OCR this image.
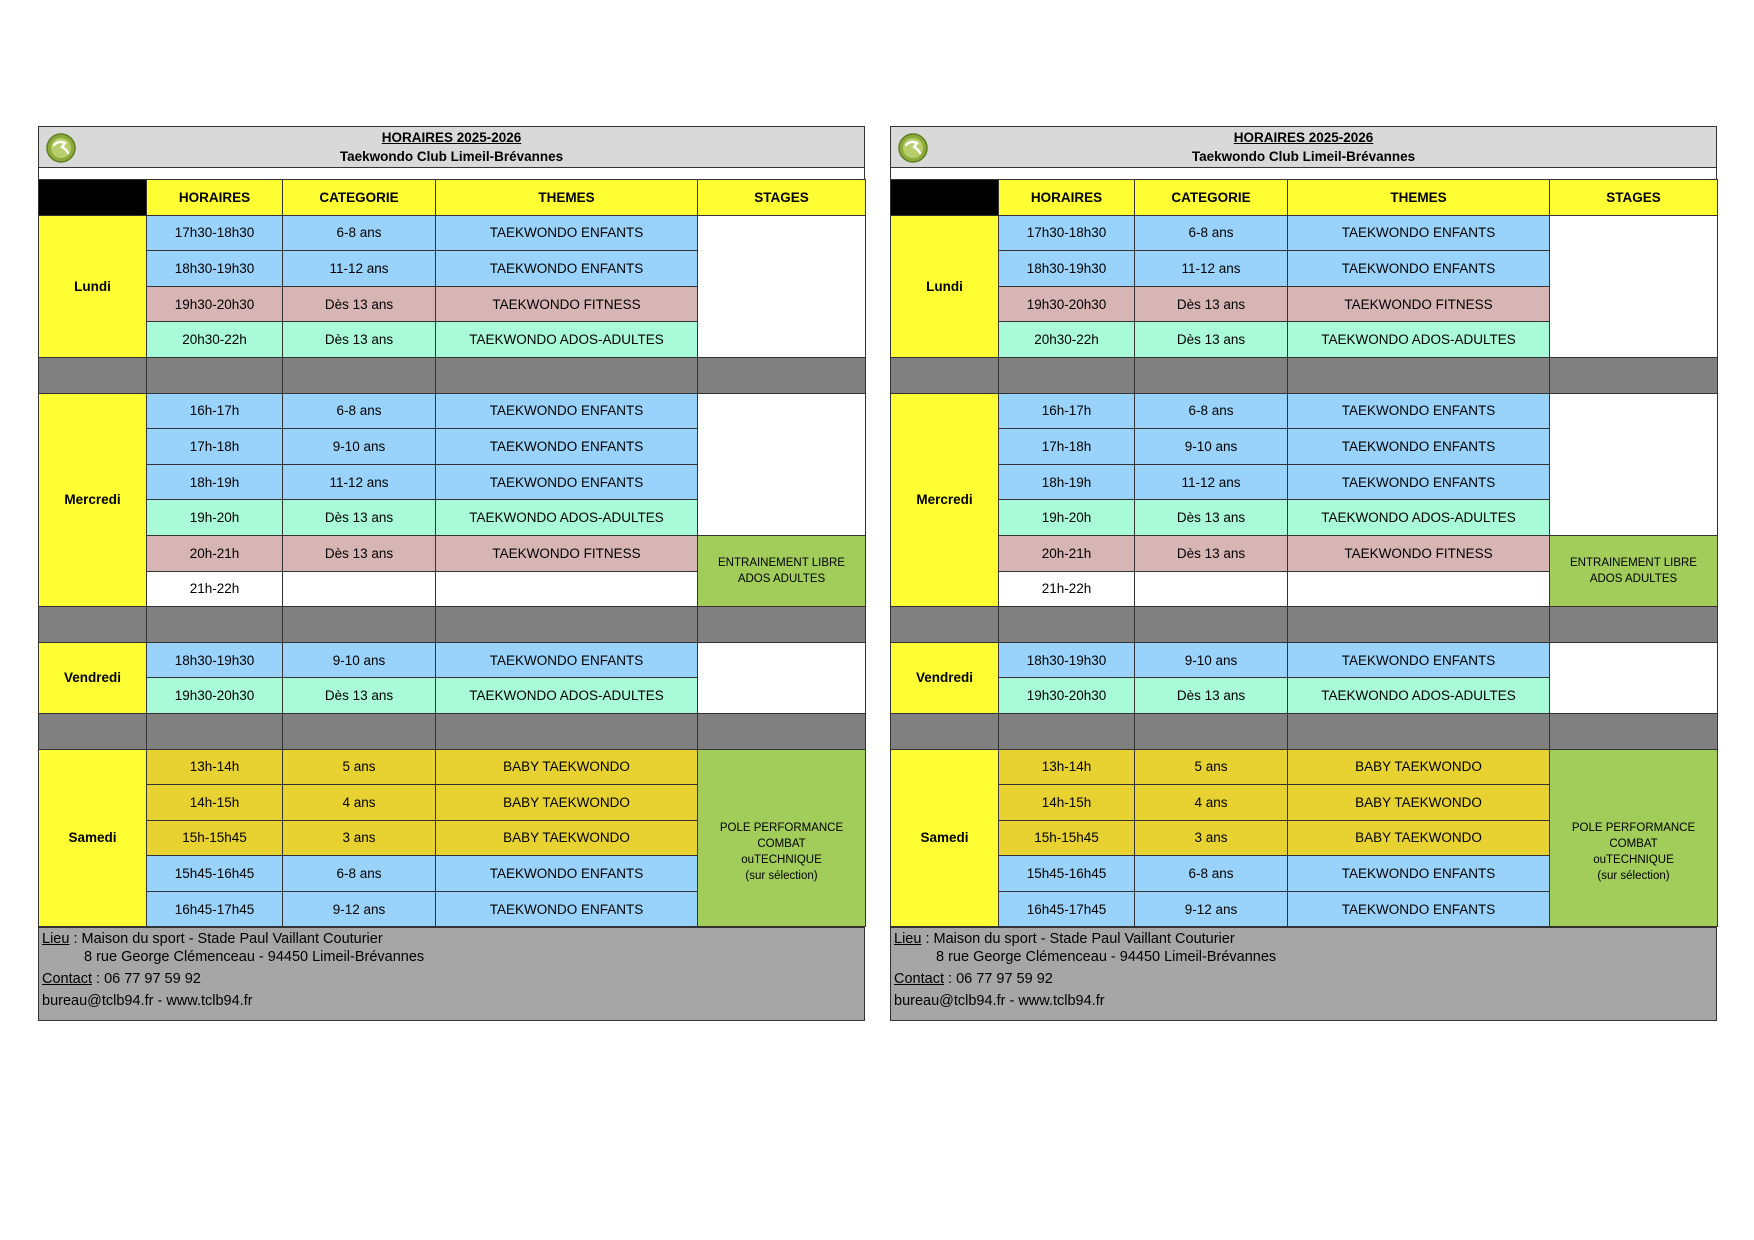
HORAIRES 2025-2026
Taekwondo Club Limeil-Brévannes
	HORAIRES	CATEGORIE	THEMES	STAGES
Lundi	17h30-18h30	6-8 ans	TAEKWONDO ENFANTS	
	18h30-19h30	11-12 ans	TAEKWONDO ENFANTS	
	19h30-20h30	Dès 13 ans	TAEKWONDO FITNESS	
	20h30-22h	Dès 13 ans	TAEKWONDO ADOS-ADULTES	

Mercredi	16h-17h	6-8 ans	TAEKWONDO ENFANTS	
	17h-18h	9-10 ans	TAEKWONDO ENFANTS	
	18h-19h	11-12 ans	TAEKWONDO ENFANTS	
	19h-20h	Dès 13 ans	TAEKWONDO ADOS-ADULTES	
	20h-21h	Dès 13 ans	TAEKWONDO FITNESS	ENTRAINEMENT LIBRE
ADOS ADULTES

	21h-22h			

Vendredi	18h30-19h30	9-10 ans	TAEKWONDO ENFANTS	
	19h30-20h30	Dès 13 ans	TAEKWONDO ADOS-ADULTES	

Samedi	13h-14h	5 ans	BABY TAEKWONDO	POLE PERFORMANCE COMBAT
ouTECHNIQUE
(sur sélection)

	14h-15h	4 ans	BABY TAEKWONDO	
	15h-15h45	3 ans	BABY TAEKWONDO	
	15h45-16h45	6-8 ans	TAEKWONDO ENFANTS	
	16h45-17h45	9-12 ans	TAEKWONDO ENFANTS	
Lieu : Maison du sport - Stade Paul Vaillant Couturier
8 rue George Clémenceau - 94450 Limeil-Brévannes
Contact : 06 77 97 59 92
bureau@tclb94.fr - www.tclb94.fr
HORAIRES 2025-2026
Taekwondo Club Limeil-Brévannes
	HORAIRES	CATEGORIE	THEMES	STAGES
Lundi	17h30-18h30	6-8 ans	TAEKWONDO ENFANTS	
	18h30-19h30	11-12 ans	TAEKWONDO ENFANTS	
	19h30-20h30	Dès 13 ans	TAEKWONDO FITNESS	
	20h30-22h	Dès 13 ans	TAEKWONDO ADOS-ADULTES	

Mercredi	16h-17h	6-8 ans	TAEKWONDO ENFANTS	
	17h-18h	9-10 ans	TAEKWONDO ENFANTS	
	18h-19h	11-12 ans	TAEKWONDO ENFANTS	
	19h-20h	Dès 13 ans	TAEKWONDO ADOS-ADULTES	
	20h-21h	Dès 13 ans	TAEKWONDO FITNESS	ENTRAINEMENT LIBRE
ADOS ADULTES

	21h-22h			

Vendredi	18h30-19h30	9-10 ans	TAEKWONDO ENFANTS	
	19h30-20h30	Dès 13 ans	TAEKWONDO ADOS-ADULTES	

Samedi	13h-14h	5 ans	BABY TAEKWONDO	POLE PERFORMANCE COMBAT
ouTECHNIQUE
(sur sélection)

	14h-15h	4 ans	BABY TAEKWONDO	
	15h-15h45	3 ans	BABY TAEKWONDO	
	15h45-16h45	6-8 ans	TAEKWONDO ENFANTS	
	16h45-17h45	9-12 ans	TAEKWONDO ENFANTS	
Lieu : Maison du sport - Stade Paul Vaillant Couturier
8 rue George Clémenceau - 94450 Limeil-Brévannes
Contact : 06 77 97 59 92
bureau@tclb94.fr - www.tclb94.fr
